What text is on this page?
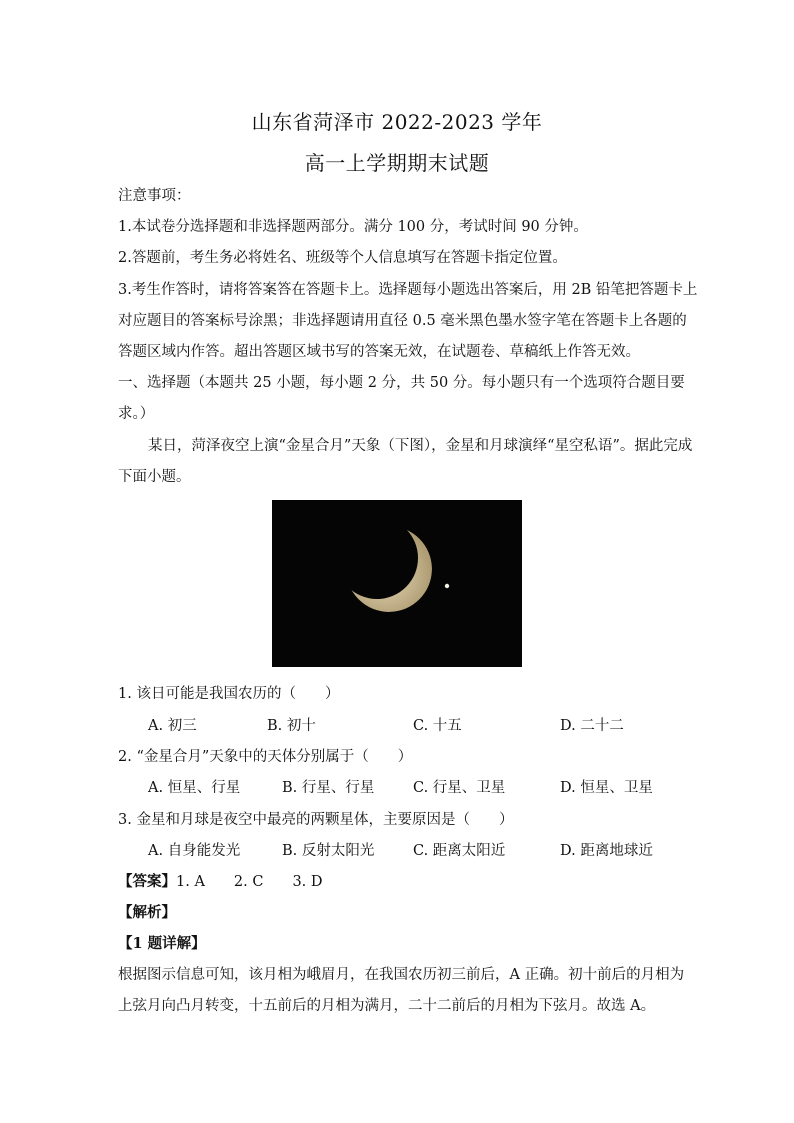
山东省菏泽市 2022-2023 学年
高一上学期期末试题
注意事项：
1.本试卷分选择题和非选择题两部分。满分 100 分，考试时间 90 分钟。
2.答题前，考生务必将姓名、班级等个人信息填写在答题卡指定位置。
3.考生作答时，请将答案答在答题卡上。选择题每小题选出答案后，用 2B 铅笔把答题卡上
对应题目的答案标号涂黑；非选择题请用直径 0.5 毫米黑色墨水签字笔在答题卡上各题的
答题区域内作答。超出答题区域书写的答案无效，在试题卷、草稿纸上作答无效。
一、选择题（本题共 25 小题，每小题 2 分，共 50 分。每小题只有一个选项符合题目要
求。）
某日，菏泽夜空上演“金星合月”天象（下图），金星和月球演绎“星空私语”。据此完成
下面小题。
1. 该日可能是我国农历的（　　）
A. 初三	B. 初十	C. 十五	D. 二十二
2. “金星合月”天象中的天体分别属于（　　）
A. 恒星、行星	B. 行星、行星	C. 行星、卫星	D. 恒星、卫星
3. 金星和月球是夜空中最亮的两颗星体，主要原因是（　　）
A. 自身能发光	B. 反射太阳光	C. 距离太阳近	D. 距离地球近
【答案】1. A　　2. C　　3. D
【解析】
【1 题详解】
根据图示信息可知，该月相为峨眉月，在我国农历初三前后，A 正确。初十前后的月相为
上弦月向凸月转变，十五前后的月相为满月，二十二前后的月相为下弦月。故选 A。
